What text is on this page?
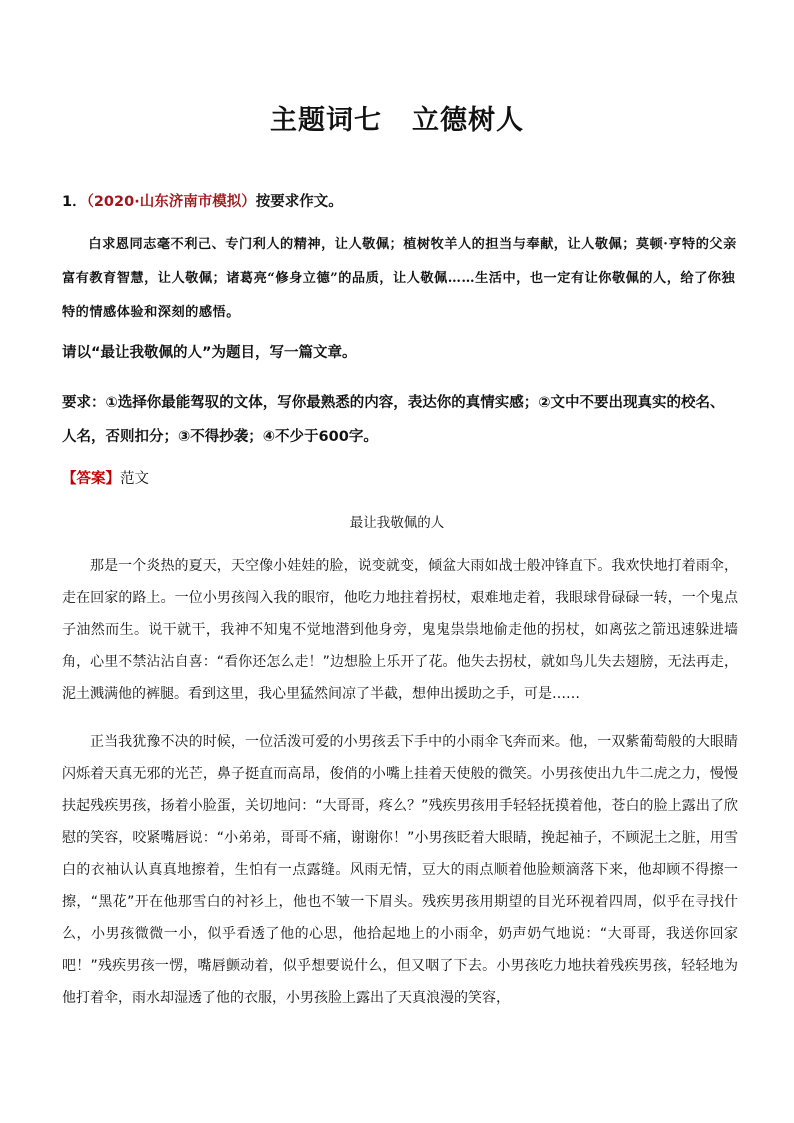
主题词七 立德树人
1．（2020·山东济南市模拟）按要求作文。
白求恩同志毫不利己、专门利人的精神，让人敬佩；植树牧羊人的担当与奉献，让人敬佩；莫顿·亨特的父亲富有教育智慧，让人敬佩；诸葛亮“修身立德”的品质，让人敬佩……生活中，也一定有让你敬佩的人，给了你独特的情感体验和深刻的感悟。
请以“最让我敬佩的人”为题目，写一篇文章。
要求：①选择你最能驾驭的文体，写你最熟悉的内容，表达你的真情实感；②文中不要出现真实的校名、人名，否则扣分；③不得抄袭；④不少于600字。
【答案】范文
最让我敬佩的人
那是一个炎热的夏天，天空像小娃娃的脸，说变就变，倾盆大雨如战士般冲锋直下。我欢快地打着雨伞，走在回家的路上。一位小男孩闯入我的眼帘，他吃力地拄着拐杖，艰难地走着，我眼球骨碌碌一转，一个鬼点子油然而生。说干就干，我神不知鬼不觉地潜到他身旁，鬼鬼祟祟地偷走他的拐杖，如离弦之箭迅速躲进墙角，心里不禁沾沾自喜：“看你还怎么走！”边想脸上乐开了花。他失去拐杖，就如鸟儿失去翅膀，无法再走，泥土溅满他的裤腿。看到这里，我心里猛然间凉了半截，想伸出援助之手，可是……
正当我犹豫不决的时候，一位活泼可爱的小男孩丢下手中的小雨伞飞奔而来。他，一双紫葡萄般的大眼睛闪烁着天真无邪的光芒，鼻子挺直而高昂，俊俏的小嘴上挂着天使般的微笑。小男孩使出九牛二虎之力，慢慢扶起残疾男孩，扬着小脸蛋，关切地问：“大哥哥，疼么？”残疾男孩用手轻轻抚摸着他，苍白的脸上露出了欣慰的笑容，咬紧嘴唇说：“小弟弟，哥哥不痛，谢谢你！”小男孩眨着大眼睛，挽起袖子，不顾泥土之脏，用雪白的衣袖认认真真地擦着，生怕有一点露缝。风雨无情，豆大的雨点顺着他脸颊滴落下来，他却顾不得擦一擦，“黑花”开在他那雪白的衬衫上，他也不皱一下眉头。残疾男孩用期望的目光环视着四周，似乎在寻找什么，小男孩微微一小，似乎看透了他的心思，他拾起地上的小雨伞，奶声奶气地说：“大哥哥，我送你回家吧！”残疾男孩一愣，嘴唇颤动着，似乎想要说什么，但又咽了下去。小男孩吃力地扶着残疾男孩，轻轻地为他打着伞，雨水却湿透了他的衣服，小男孩脸上露出了天真浪漫的笑容，
